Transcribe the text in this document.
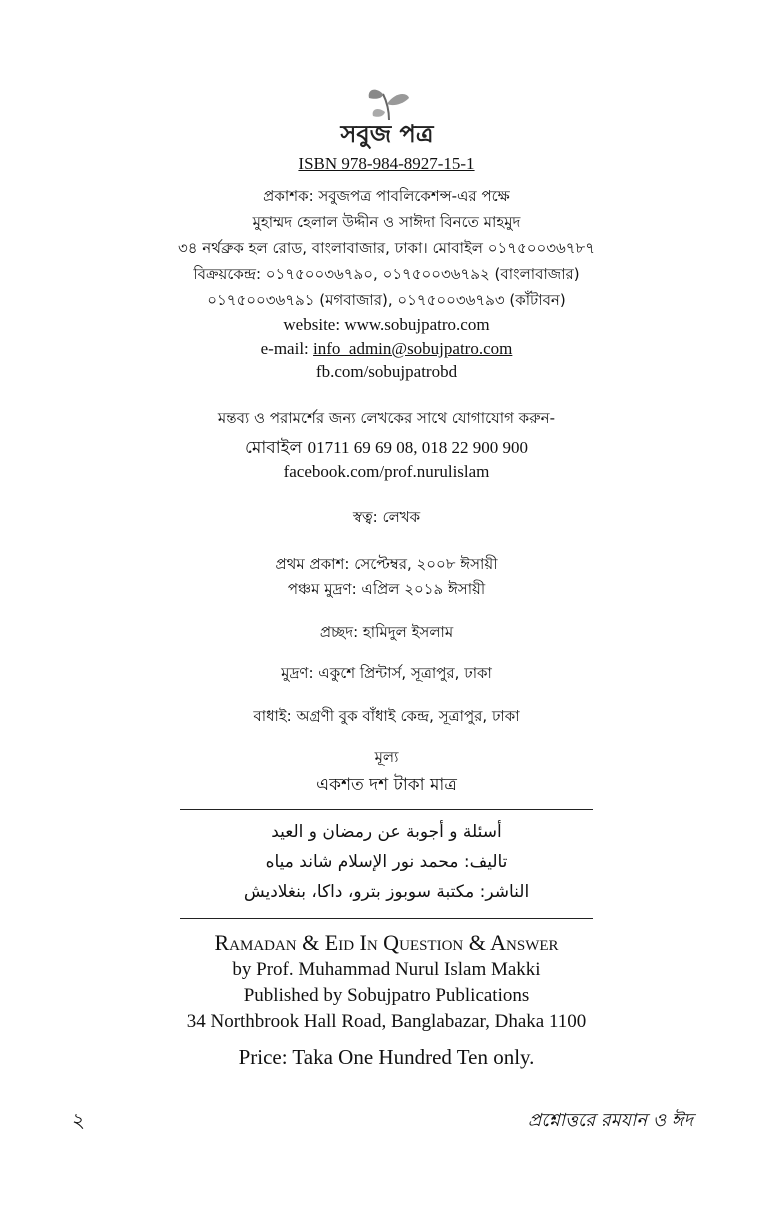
সবুজ পত্র
ISBN 978-984-8927-15-1
প্রকাশক: সবুজপত্র পাবলিকেশন্স-এর পক্ষে
মুহাম্মদ হেলাল উদ্দীন ও সাঈদা বিনতে মাহমুদ
৩৪ নর্থব্রুক হল রোড, বাংলাবাজার, ঢাকা। মোবাইল ০১৭৫০০৩৬৭৮৭
বিক্রয়কেন্দ্র: ০১৭৫০০৩৬৭৯০, ০১৭৫০০৩৬৭৯২ (বাংলাবাজার)
০১৭৫০০৩৬৭৯১ (মগবাজার), ০১৭৫০০৩৬৭৯৩ (কাঁটাবন)
website: www.sobujpatro.com
e-mail: info_admin@sobujpatro.com
fb.com/sobujpatrobd
মন্তব্য ও পরামর্শের জন্য লেখকের সাথে যোগাযোগ করুন-
মোবাইল 01711 69 69 08, 018 22 900 900
facebook.com/prof.nurulislam
স্বত্ব: লেখক
প্রথম প্রকাশ: সেপ্টেম্বর, ২০০৮ ঈসায়ী
পঞ্চম মুদ্রণ: এপ্রিল ২০১৯ ঈসায়ী
প্রচ্ছদ: হামিদুল ইসলাম
মুদ্রণ: একুশে প্রিন্টার্স, সূত্রাপুর, ঢাকা
বাধাই: অগ্রণী বুক বাঁধাই কেন্দ্র, সূত্রাপুর, ঢাকা
মূল্য
একশত দশ টাকা মাত্র
أسئلة و أجوبة عن رمضان و العيد
تاليف: محمد نور الإسلام شاند مياه
الناشر: مكتبة سوبوز بترو، داكا، بنغلاديش
Ramadan & Eid In Question & Answer
by Prof. Muhammad Nurul Islam Makki
Published by Sobujpatro Publications
34 Northbrook Hall Road, Banglabazar, Dhaka 1100
Price: Taka One Hundred Ten only.
২	প্রশ্নোত্তরে রমযান ও ঈদ
